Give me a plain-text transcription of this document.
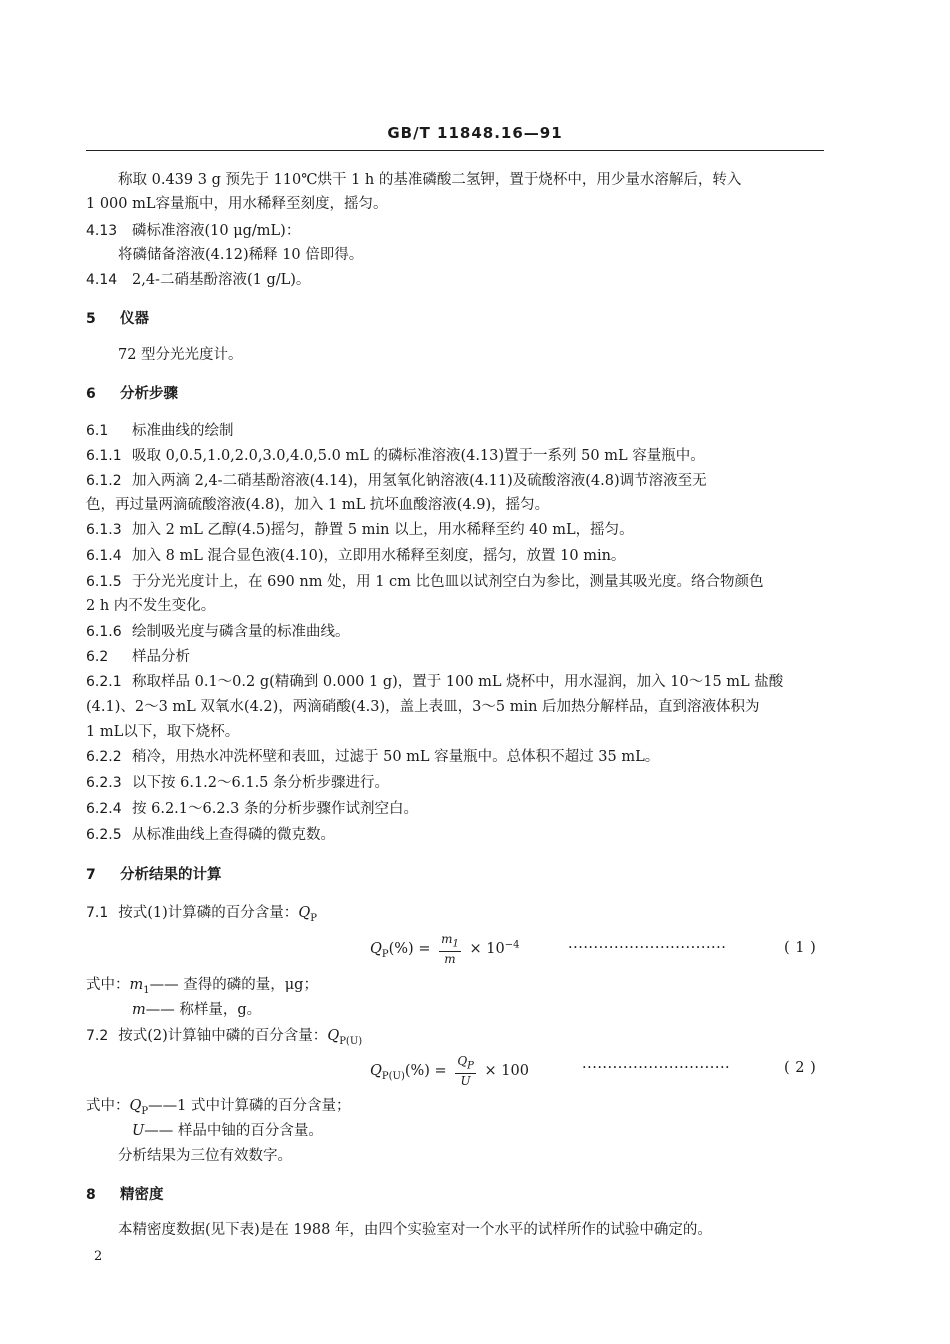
GB/T 11848.16—91
称取 0.439 3 g 预先于 110℃烘干 1 h 的基准磷酸二氢钾，置于烧杯中，用少量水溶解后，转入
1 000 mL容量瓶中，用水稀释至刻度，摇匀。
4.13 磷标准溶液(10 μg/mL)：
将磷储备溶液(4.12)稀释 10 倍即得。
4.14 2,4-二硝基酚溶液(1 g/L)。
5 仪器
72 型分光光度计。
6 分析步骤
6.1 标准曲线的绘制
6.1.1 吸取 0,0.5,1.0,2.0,3.0,4.0,5.0 mL 的磷标准溶液(4.13)置于一系列 50 mL 容量瓶中。
6.1.2 加入两滴 2,4-二硝基酚溶液(4.14)，用氢氧化钠溶液(4.11)及硫酸溶液(4.8)调节溶液至无
色，再过量两滴硫酸溶液(4.8)，加入 1 mL 抗坏血酸溶液(4.9)，摇匀。
6.1.3 加入 2 mL 乙醇(4.5)摇匀，静置 5 min 以上，用水稀释至约 40 mL，摇匀。
6.1.4 加入 8 mL 混合显色液(4.10)，立即用水稀释至刻度，摇匀，放置 10 min。
6.1.5 于分光光度计上，在 690 nm 处，用 1 cm 比色皿以试剂空白为参比，测量其吸光度。络合物颜色
2 h 内不发生变化。
6.1.6 绘制吸光度与磷含量的标准曲线。
6.2 样品分析
6.2.1 称取样品 0.1～0.2 g(精确到 0.000 1 g)，置于 100 mL 烧杯中，用水湿润，加入 10～15 mL 盐酸
(4.1)、2～3 mL 双氧水(4.2)，两滴硝酸(4.3)，盖上表皿，3～5 min 后加热分解样品，直到溶液体积为
1 mL以下，取下烧杯。
6.2.2 稍冷，用热水冲洗杯壁和表皿，过滤于 50 mL 容量瓶中。总体积不超过 35 mL。
6.2.3 以下按 6.1.2～6.1.5 条分析步骤进行。
6.2.4 按 6.2.1～6.2.3 条的分析步骤作试剂空白。
6.2.5 从标准曲线上查得磷的微克数。
7 分析结果的计算
7.1 按式(1)计算磷的百分含量：$Q_P$
$Q_P(\%) = \frac{m_1}{m} \times 10^{-4}$	·······························	( 1 )
式中：$m_1——$ 查得的磷的量，μg；
m—— 称样量，g。
7.2 按式(2)计算铀中磷的百分含量：$Q_{P(U)}$
$Q_{P(U)}(\%) = \frac{Q_P}{U} \times 100$	·····························	( 2 )
式中：$Q_P——1$ 式中计算磷的百分含量；
U—— 样品中铀的百分含量。
分析结果为三位有效数字。
8 精密度
本精密度数据(见下表)是在 1988 年，由四个实验室对一个水平的试样所作的试验中确定的。
2
